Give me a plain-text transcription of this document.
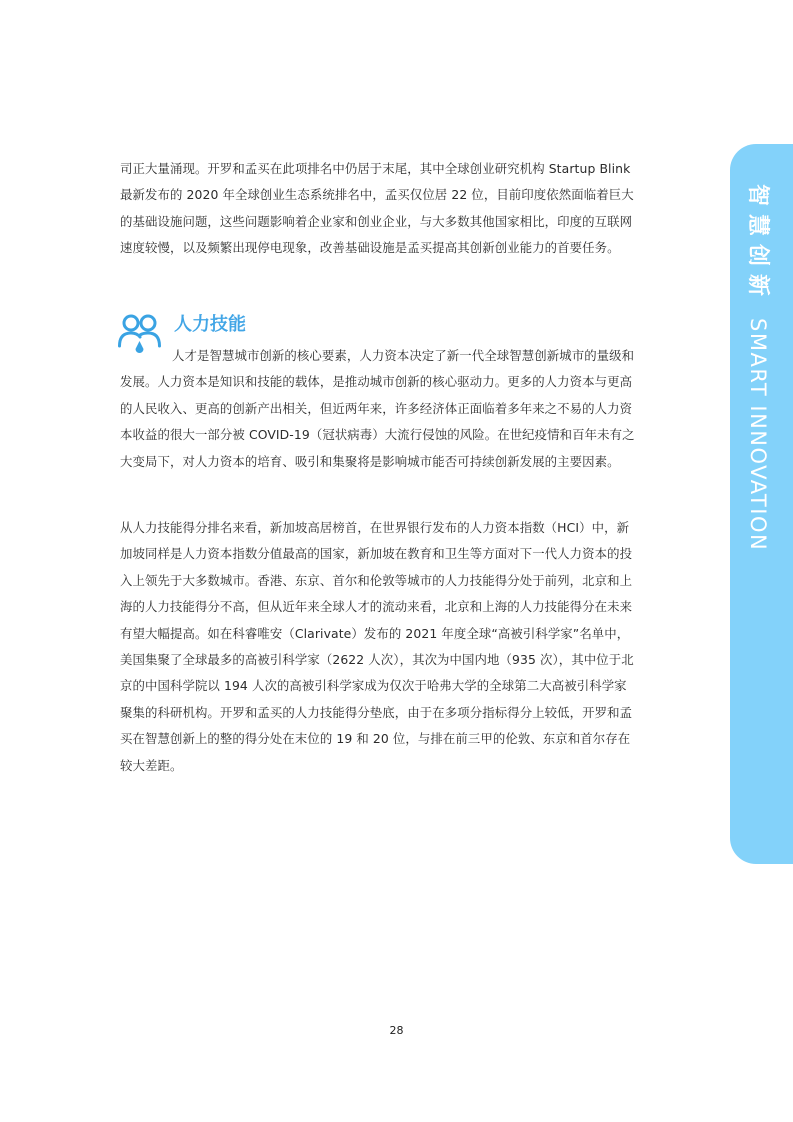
司正大量涌现。开罗和孟买在此项排名中仍居于末尾，其中全球创业研究机构 Startup Blink 最新发布的 2020 年全球创业生态系统排名中，孟买仅位居 22 位，目前印度依然面临着巨大的基础设施问题，这些问题影响着企业家和创业企业，与大多数其他国家相比，印度的互联网速度较慢，以及频繁出现停电现象，改善基础设施是孟买提高其创新创业能力的首要任务。

人力技能

人才是智慧城市创新的核心要素，人力资本决定了新一代全球智慧创新城市的量级和发展。人力资本是知识和技能的载体，是推动城市创新的核心驱动力。更多的人力资本与更高的人民收入、更高的创新产出相关，但近两年来，许多经济体正面临着多年来之不易的人力资本收益的很大一部分被 COVID-19（冠状病毒）大流行侵蚀的风险。在世纪疫情和百年未有之大变局下，对人力资本的培育、吸引和集聚将是影响城市能否可持续创新发展的主要因素。

从人力技能得分排名来看，新加坡高居榜首，在世界银行发布的人力资本指数（HCI）中，新加坡同样是人力资本指数分值最高的国家，新加坡在教育和卫生等方面对下一代人力资本的投入上领先于大多数城市。香港、东京、首尔和伦敦等城市的人力技能得分处于前列，北京和上海的人力技能得分不高，但从近年来全球人才的流动来看，北京和上海的人力技能得分在未来有望大幅提高。如在科睿唯安（Clarivate）发布的 2021 年度全球“高被引科学家”名单中，美国集聚了全球最多的高被引科学家（2622 人次），其次为中国内地（935 次），其中位于北京的中国科学院以 194 人次的高被引科学家成为仅次于哈弗大学的全球第二大高被引科学家聚集的科研机构。开罗和孟买的人力技能得分垫底，由于在多项分指标得分上较低，开罗和孟买在智慧创新上的整的得分处在末位的 19 和 20 位，与排在前三甲的伦敦、东京和首尔存在较大差距。

智慧创新SMART INNOVATION
28
